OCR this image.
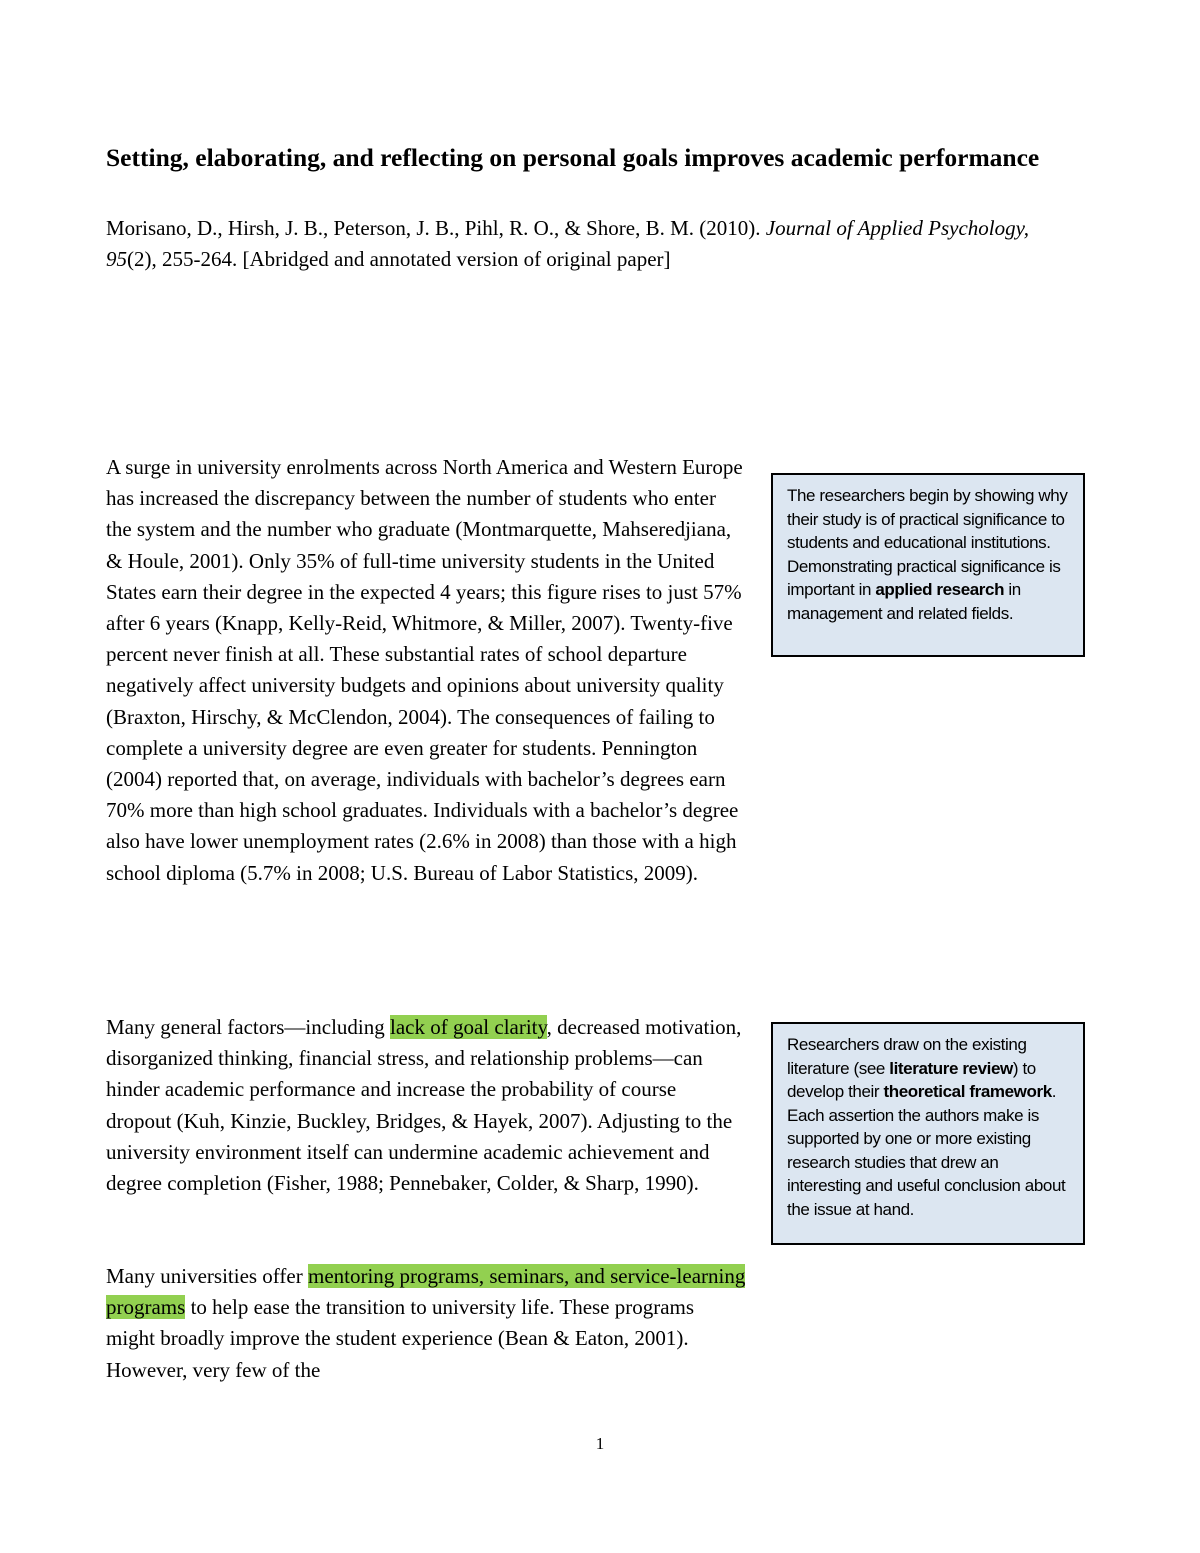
Setting, elaborating, and reflecting on personal goals improves academic performance

Morisano, D., Hirsh, J. B., Peterson, J. B., Pihl, R. O., & Shore, B. M. (2010). Journal of Applied Psychology, 95(2), 255-264. [Abridged and annotated version of original paper]

A surge in university enrolments across North America and Western Europe has increased the discrepancy between the number of students who enter the system and the number who graduate (Montmarquette, Mahseredjiana, & Houle, 2001). Only 35% of full-time university students in the United States earn their degree in the expected 4 years; this figure rises to just 57% after 6 years (Knapp, Kelly-Reid, Whitmore, & Miller, 2007). Twenty-five percent never finish at all. These substantial rates of school departure negatively affect university budgets and opinions about university quality (Braxton, Hirschy, & McClendon, 2004). The consequences of failing to complete a university degree are even greater for students. Pennington (2004) reported that, on average, individuals with bachelor’s degrees earn 70% more than high school graduates. Individuals with a bachelor’s degree also have lower unemployment rates (2.6% in 2008) than those with a high school diploma (5.7% in 2008; U.S. Bureau of Labor Statistics, 2009).

Many general factors—including lack of goal clarity, decreased motivation, disorganized thinking, financial stress, and relationship problems—can hinder academic performance and increase the probability of course dropout (Kuh, Kinzie, Buckley, Bridges, & Hayek, 2007). Adjusting to the university environment itself can undermine academic achievement and degree completion (Fisher, 1988; Pennebaker, Colder, & Sharp, 1990).

Many universities offer mentoring programs, seminars, and service-learning programs to help ease the transition to university life. These programs might broadly improve the student experience (Bean & Eaton, 2001). However, very few of the

The researchers begin by showing why their study is of practical significance to students and educational institutions. Demonstrating practical significance is important in applied research in management and related fields.
Researchers draw on the existing literature (see literature review) to develop their theoretical framework. Each assertion the authors make is supported by one or more existing research studies that drew an interesting and useful conclusion about the issue at hand.
1
